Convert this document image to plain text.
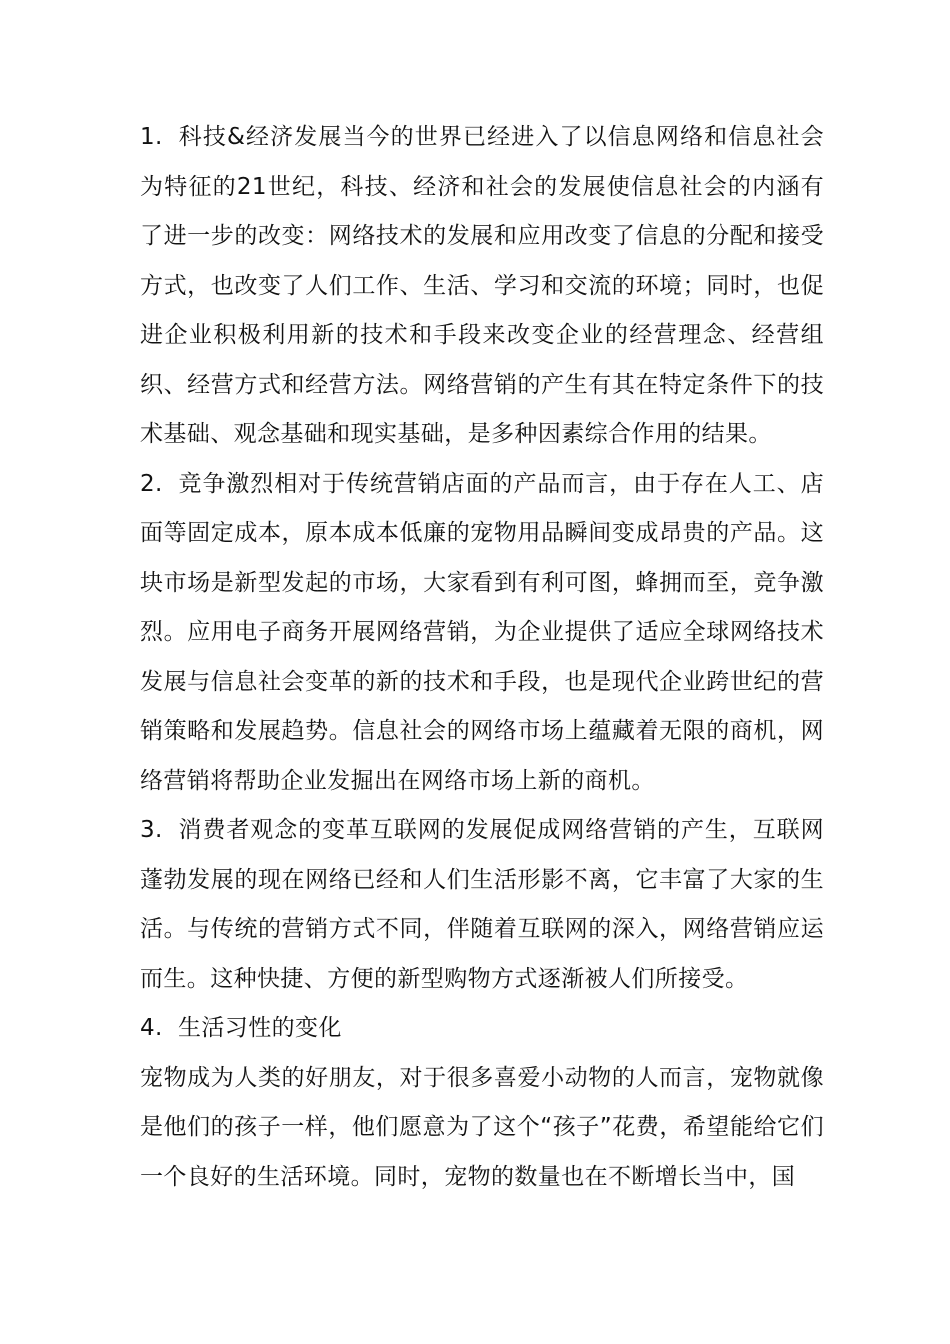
1. 科技&经济发展当今的世界已经进入了以信息网络和信息社会为特征的21世纪，科技、经济和社会的发展使信息社会的内涵有了进一步的改变：网络技术的发展和应用改变了信息的分配和接受方式，也改变了人们工作、生活、学习和交流的环境；同时，也促进企业积极利用新的技术和手段来改变企业的经营理念、经营组织、经营方式和经营方法。网络营销的产生有其在特定条件下的技术基础、观念基础和现实基础，是多种因素综合作用的结果。

2. 竞争激烈相对于传统营销店面的产品而言，由于存在人工、店面等固定成本，原本成本低廉的宠物用品瞬间变成昂贵的产品。这块市场是新型发起的市场，大家看到有利可图，蜂拥而至，竞争激烈。应用电子商务开展网络营销，为企业提供了适应全球网络技术发展与信息社会变革的新的技术和手段，也是现代企业跨世纪的营销策略和发展趋势。信息社会的网络市场上蕴藏着无限的商机，网络营销将帮助企业发掘出在网络市场上新的商机。

3. 消费者观念的变革互联网的发展促成网络营销的产生，互联网蓬勃发展的现在网络已经和人们生活形影不离，它丰富了大家的生活。与传统的营销方式不同，伴随着互联网的深入，网络营销应运而生。这种快捷、方便的新型购物方式逐渐被人们所接受。

4. 生活习性的变化

宠物成为人类的好朋友，对于很多喜爱小动物的人而言，宠物就像是他们的孩子一样，他们愿意为了这个“孩子”花费，希望能给它们一个良好的生活环境。同时，宠物的数量也在不断增长当中，国
